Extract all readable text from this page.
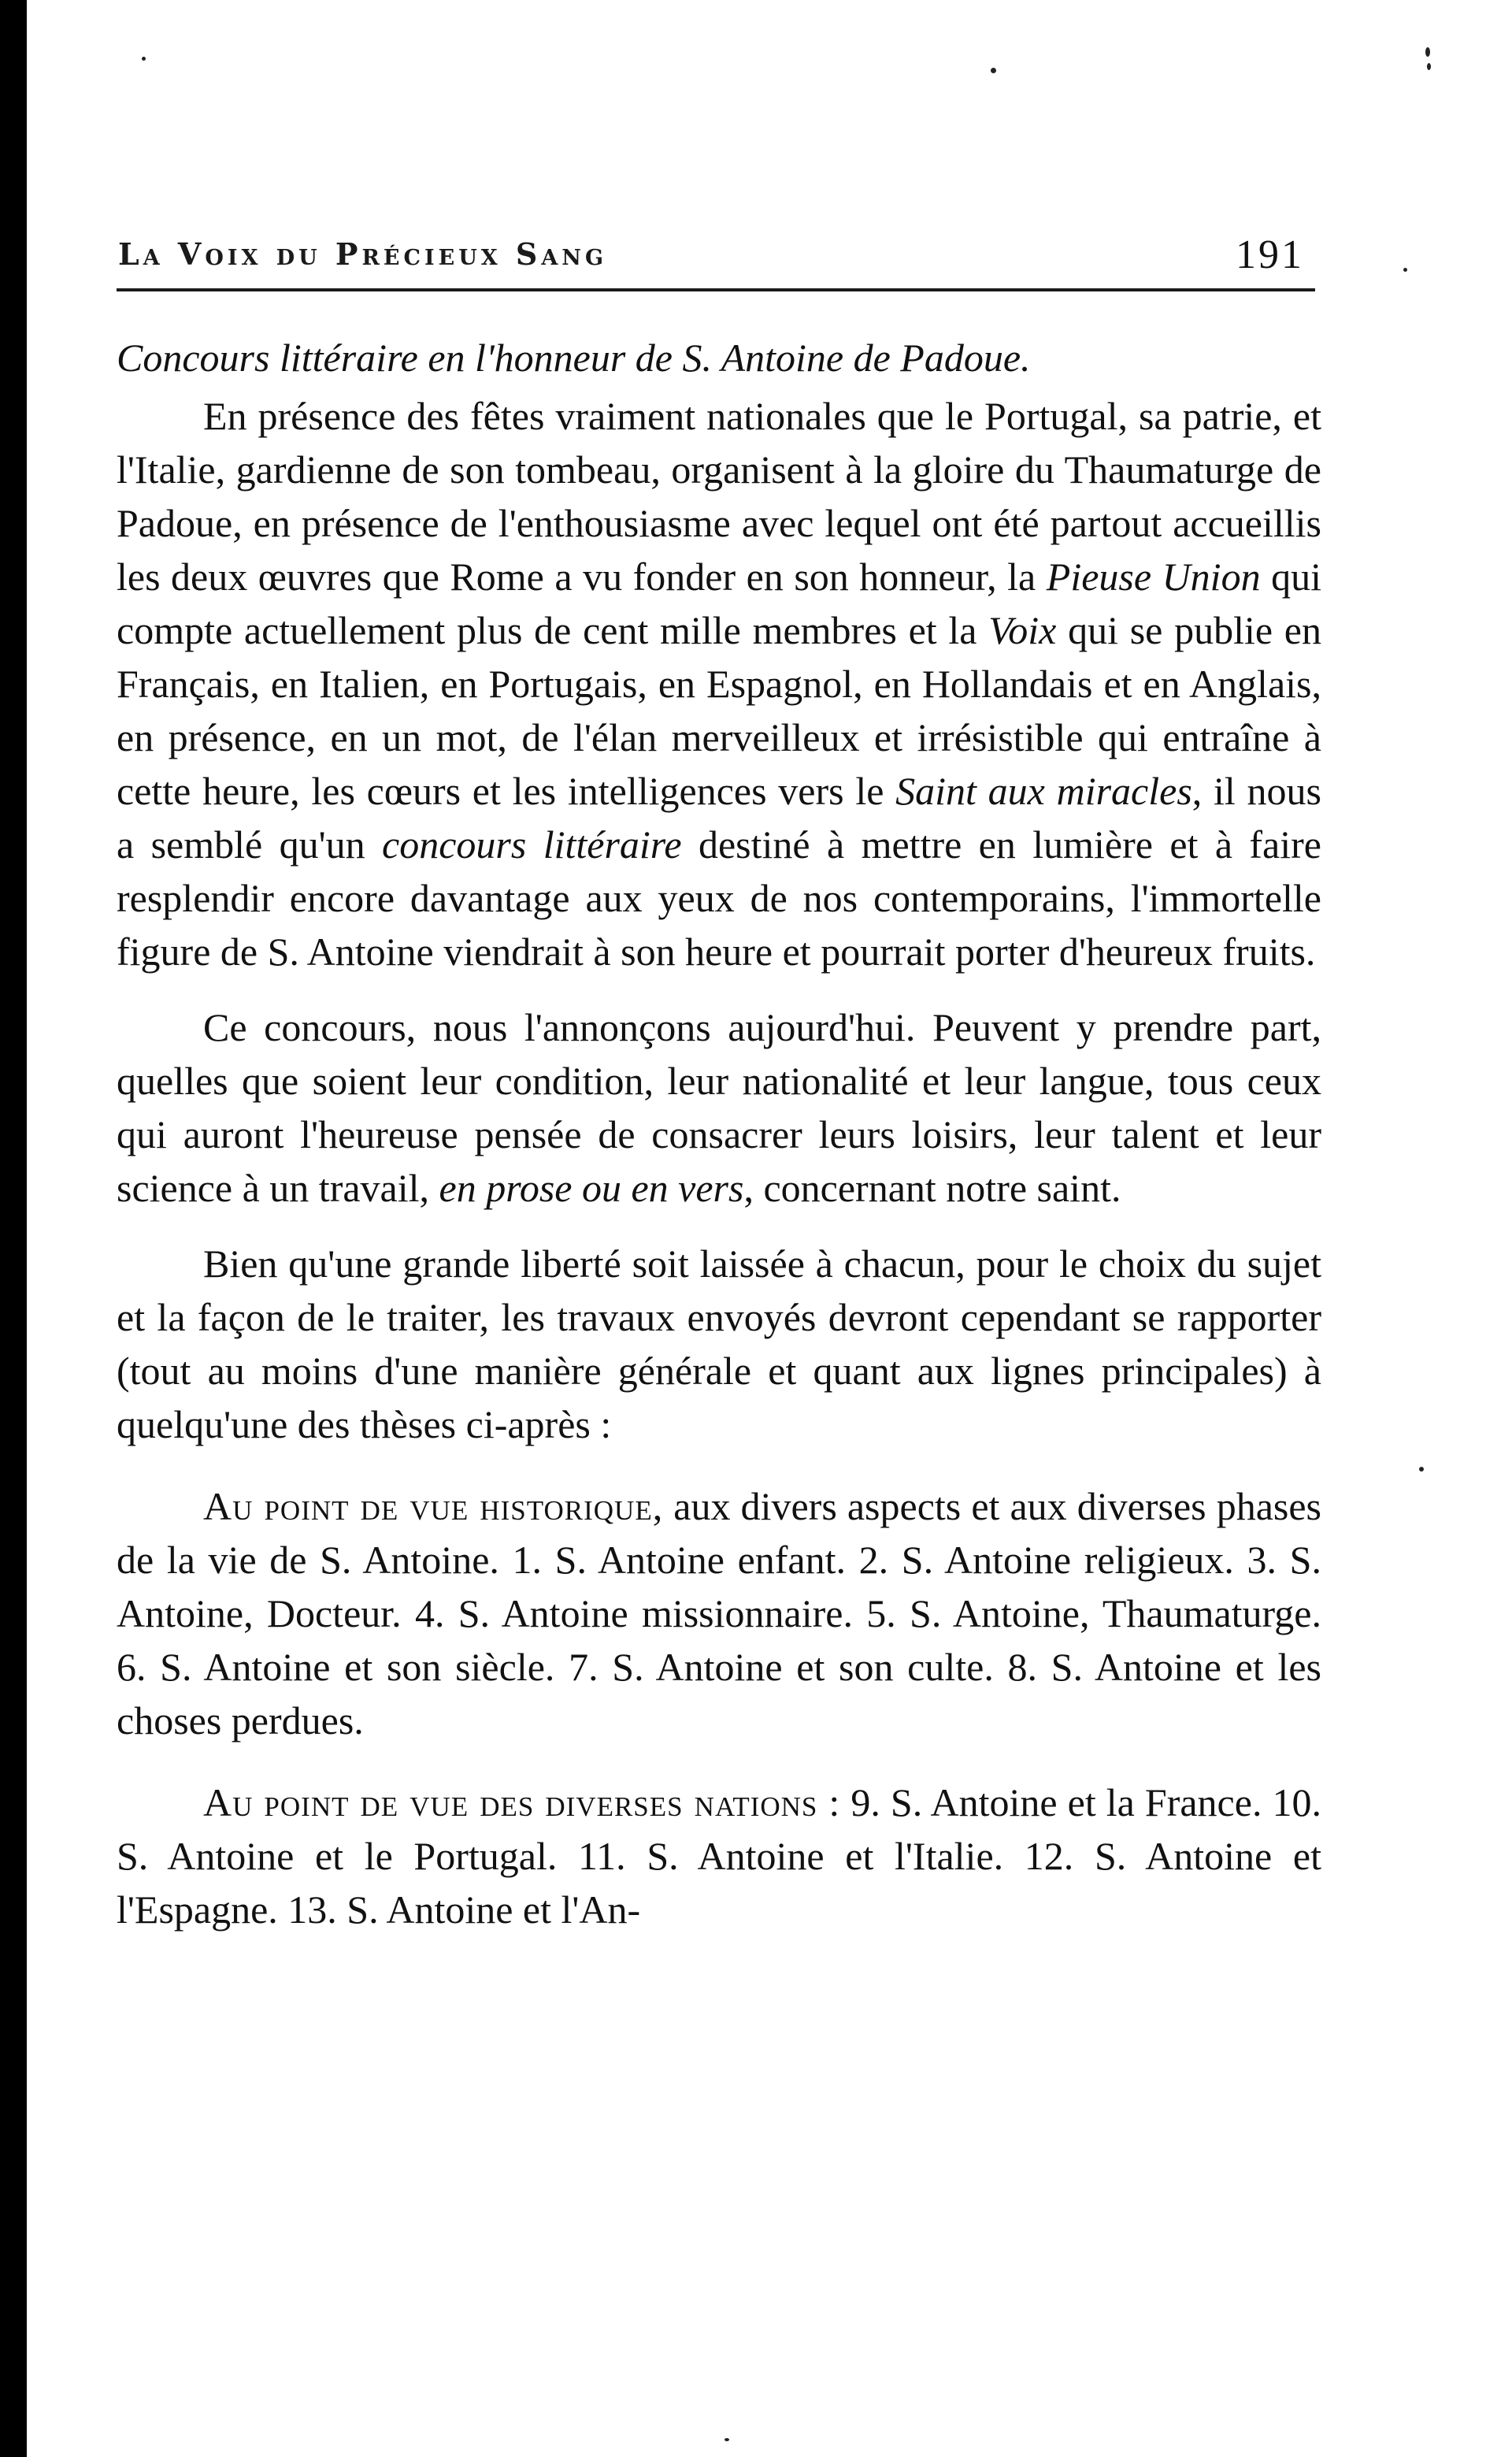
La Voix du Précieux Sang	191
Concours littéraire en l'honneur de S. Antoine de Padoue.

En présence des fêtes vraiment nationales que le Portugal, sa patrie, et l'Italie, gardienne de son tombeau, organisent à la gloire du Thaumaturge de Padoue, en présence de l'enthousiasme avec lequel ont été partout accueillis les deux œuvres que Rome a vu fonder en son honneur, la Pieuse Union qui compte actuellement plus de cent mille membres et la Voix qui se publie en Français, en Italien, en Portugais, en Espagnol, en Hollandais et en Anglais, en présence, en un mot, de l'élan merveilleux et irrésistible qui entraîne à cette heure, les cœurs et les intelligences vers le Saint aux miracles, il nous a semblé qu'un concours littéraire destiné à mettre en lumière et à faire resplendir encore davantage aux yeux de nos contemporains, l'immortelle figure de S. Antoine viendrait à son heure et pourrait porter d'heureux fruits.

Ce concours, nous l'annonçons aujourd'hui. Peuvent y prendre part, quelles que soient leur condition, leur nationalité et leur langue, tous ceux qui auront l'heureuse pensée de consacrer leurs loisirs, leur talent et leur science à un travail, en prose ou en vers, concernant notre saint.

Bien qu'une grande liberté soit laissée à chacun, pour le choix du sujet et la façon de le traiter, les travaux envoyés devront cependant se rapporter (tout au moins d'une manière générale et quant aux lignes principales) à quelqu'une des thèses ci-après :

Au point de vue historique, aux divers aspects et aux diverses phases de la vie de S. Antoine. 1. S. Antoine enfant. 2. S. Antoine religieux. 3. S. Antoine, Docteur. 4. S. Antoine missionnaire. 5. S. Antoine, Thaumaturge. 6. S. Antoine et son siècle. 7. S. Antoine et son culte. 8. S. Antoine et les choses perdues.

Au point de vue des diverses nations : 9. S. Antoine et la France. 10. S. Antoine et le Portugal. 11. S. Antoine et l'Italie. 12. S. Antoine et l'Espagne. 13. S. Antoine et l'An-
